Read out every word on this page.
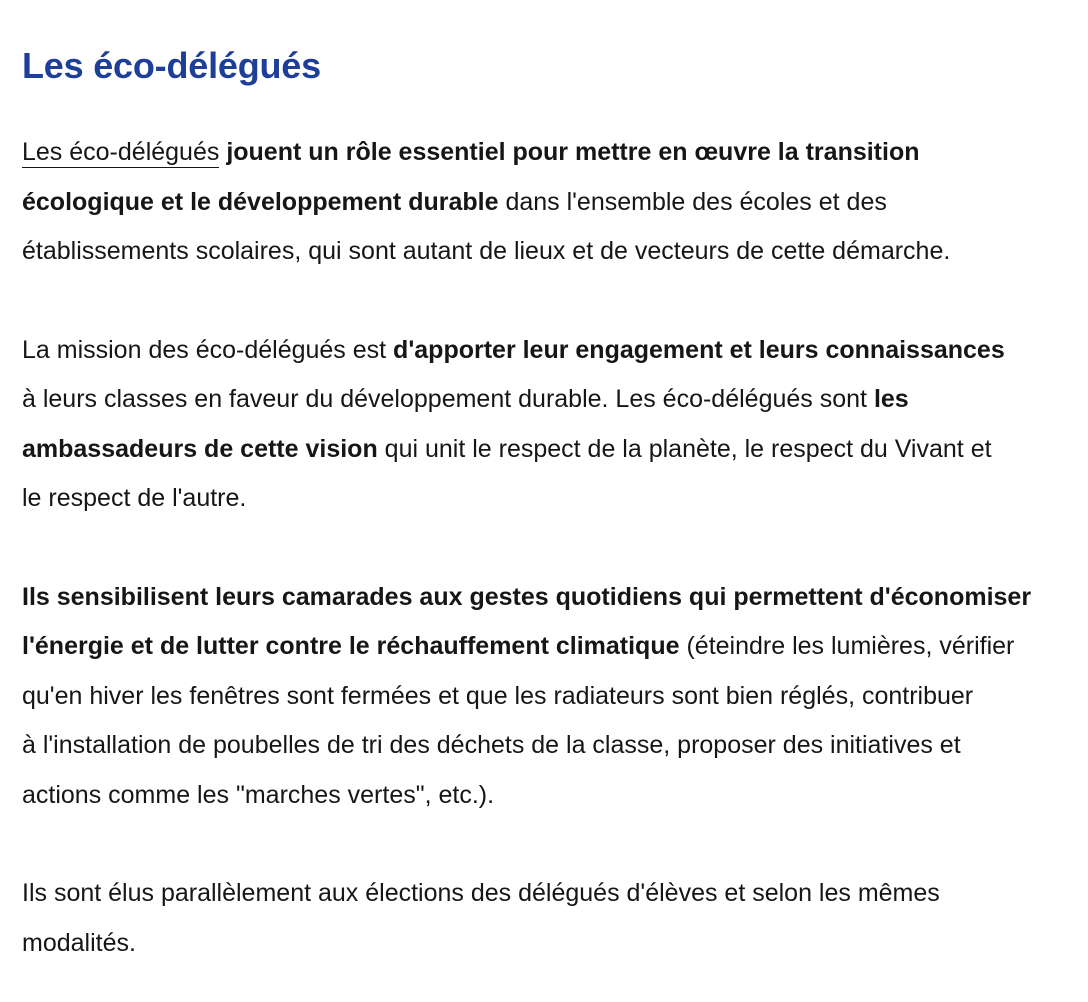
Les éco-délégués

Les éco-délégués jouent un rôle essentiel pour mettre en œuvre la transition
écologique et le développement durable dans l'ensemble des écoles et des
établissements scolaires, qui sont autant de lieux et de vecteurs de cette démarche.

La mission des éco-délégués est d'apporter leur engagement et leurs connaissances
à leurs classes en faveur du développement durable. Les éco-délégués sont les
ambassadeurs de cette vision qui unit le respect de la planète, le respect du Vivant et
le respect de l'autre.

Ils sensibilisent leurs camarades aux gestes quotidiens qui permettent d'économiser
l'énergie et de lutter contre le réchauffement climatique (éteindre les lumières, vérifier
qu'en hiver les fenêtres sont fermées et que les radiateurs sont bien réglés, contribuer
à l'installation de poubelles de tri des déchets de la classe, proposer des initiatives et
actions comme les "marches vertes", etc.).

Ils sont élus parallèlement aux élections des délégués d'élèves et selon les mêmes
modalités.
